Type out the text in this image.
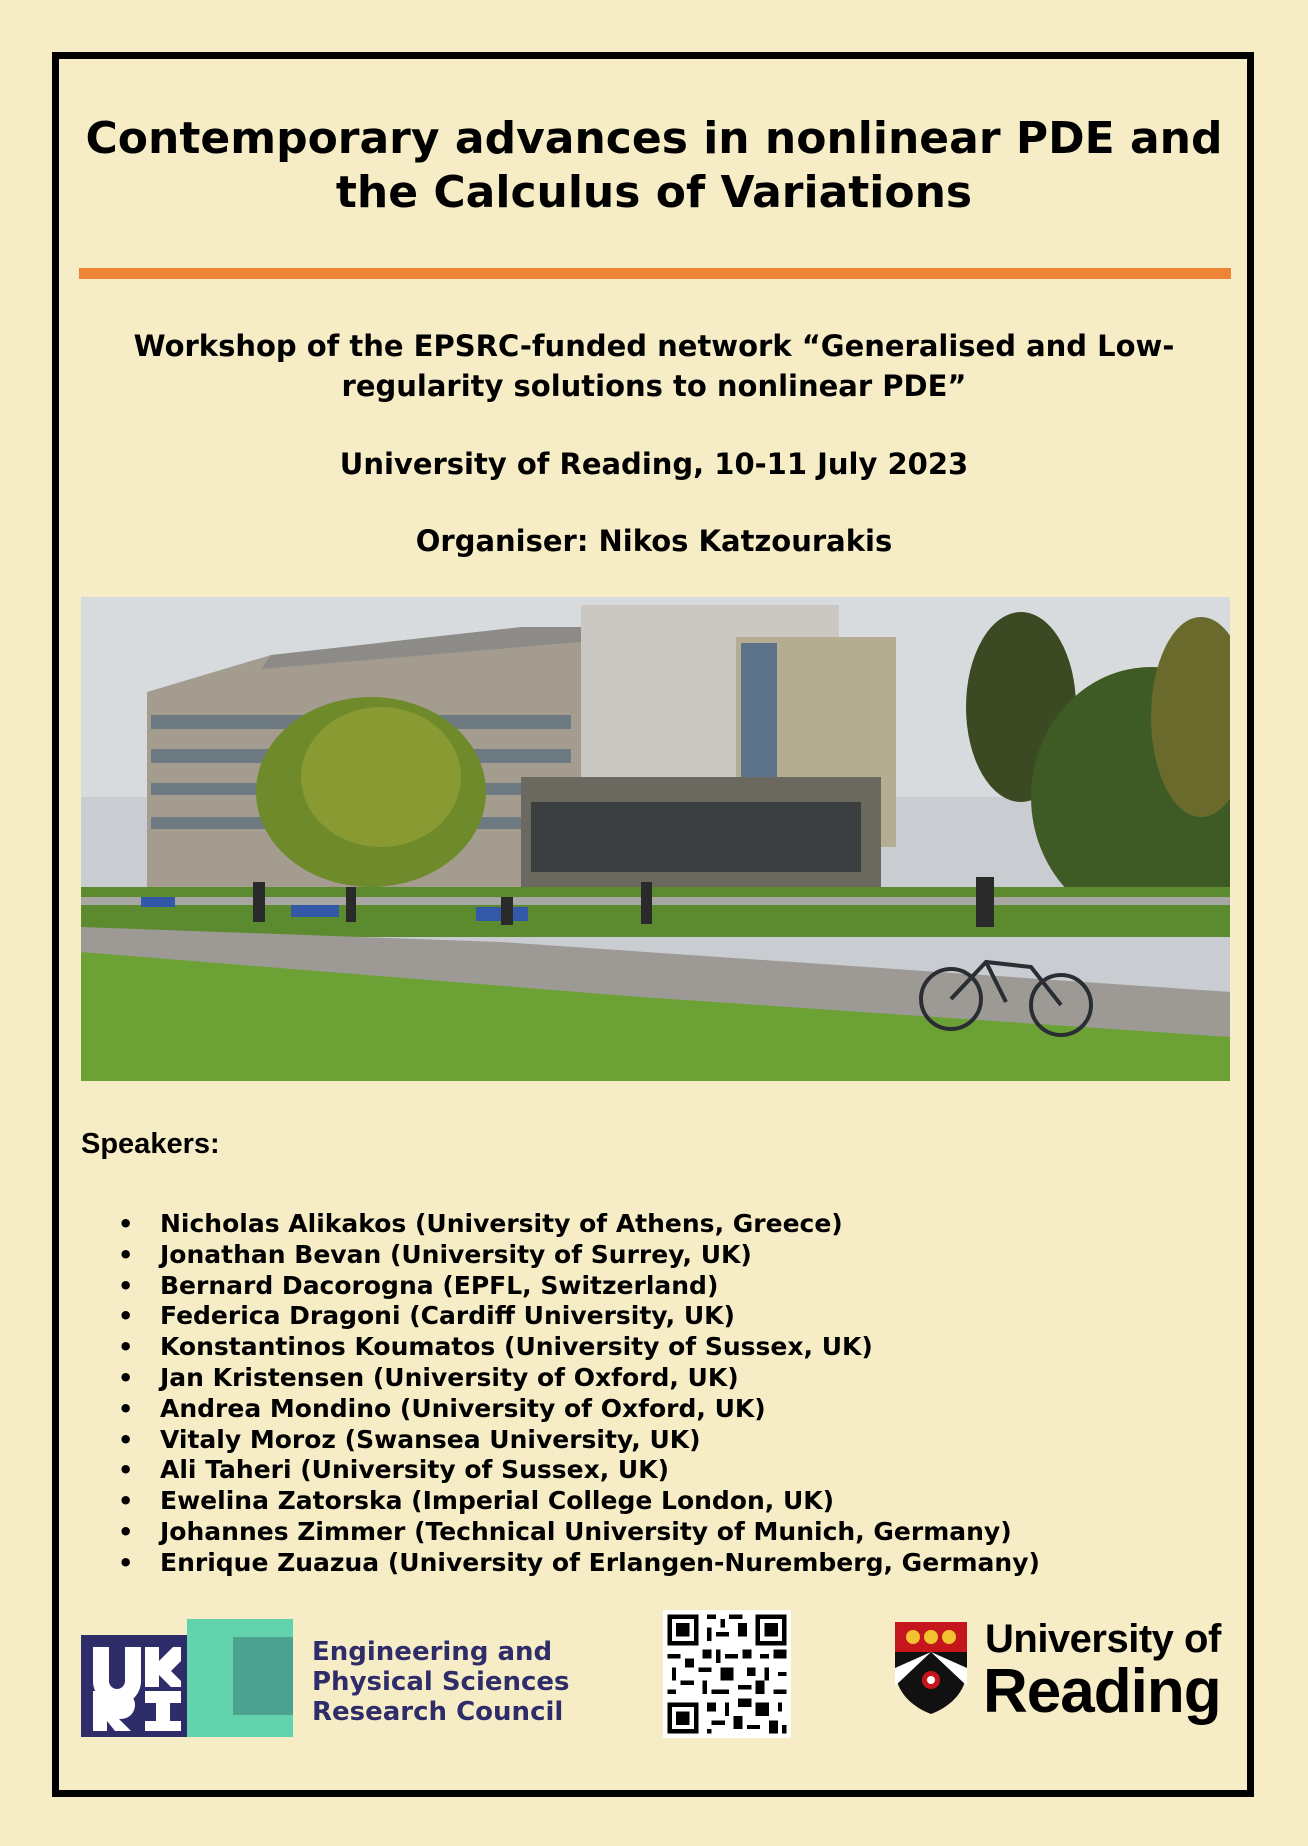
Contemporary advances in nonlinear PDE and the Calculus of Variations
Workshop of the EPSRC-funded network “Generalised and Low-regularity solutions to nonlinear PDE”
University of Reading, 10-11 July 2023
Organiser: Nikos Katzourakis
Speakers:
• Nicholas Alikakos (University of Athens, Greece)
• Jonathan Bevan (University of Surrey, UK)
• Bernard Dacorogna (EPFL, Switzerland)
• Federica Dragoni (Cardiff University, UK)
• Konstantinos Koumatos (University of Sussex, UK)
• Jan Kristensen (University of Oxford, UK)
• Andrea Mondino (University of Oxford, UK)
• Vitaly Moroz (Swansea University, UK)
• Ali Taheri (University of Sussex, UK)
• Ewelina Zatorska (Imperial College London, UK)
• Johannes Zimmer (Technical University of Munich, Germany)
• Enrique Zuazua (University of Erlangen-Nuremberg, Germany)
Engineering and
Physical Sciences
Research Council
University of
Reading
